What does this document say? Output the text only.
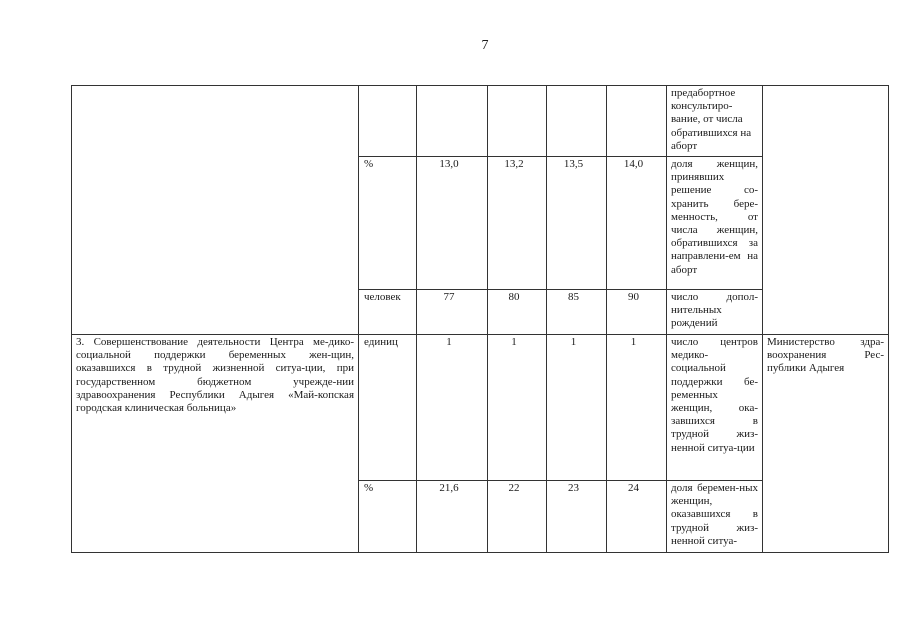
7
						предабортное консультиро-вание, от числа обратившихся на аборт	
	%	13,0	13,2	13,5	14,0	доля женщин, принявших решение со-хранить бере-менность, от числа женщин, обратившихся за направлени-ем на аборт	
	человек	77	80	85	90	число допол-нительных рождений	
3. Совершенствование деятельности Центра ме-дико-социальной поддержки беременных жен-щин, оказавшихся в трудной жизненной ситуа-ции, при государственном бюджетном учрежде-нии здравоохранения Республики Адыгея «Май-копская городская клиническая больница»	единиц	1	1	1	1	число центров медико-социальной поддержки бе-ременных женщин, ока-завшихся в трудной жиз-ненной ситуа-ции	Министерство здра-воохранения Рес-публики Адыгея
	%	21,6	22	23	24	доля беремен-ных женщин, оказавшихся в трудной жиз-ненной ситуа-	
